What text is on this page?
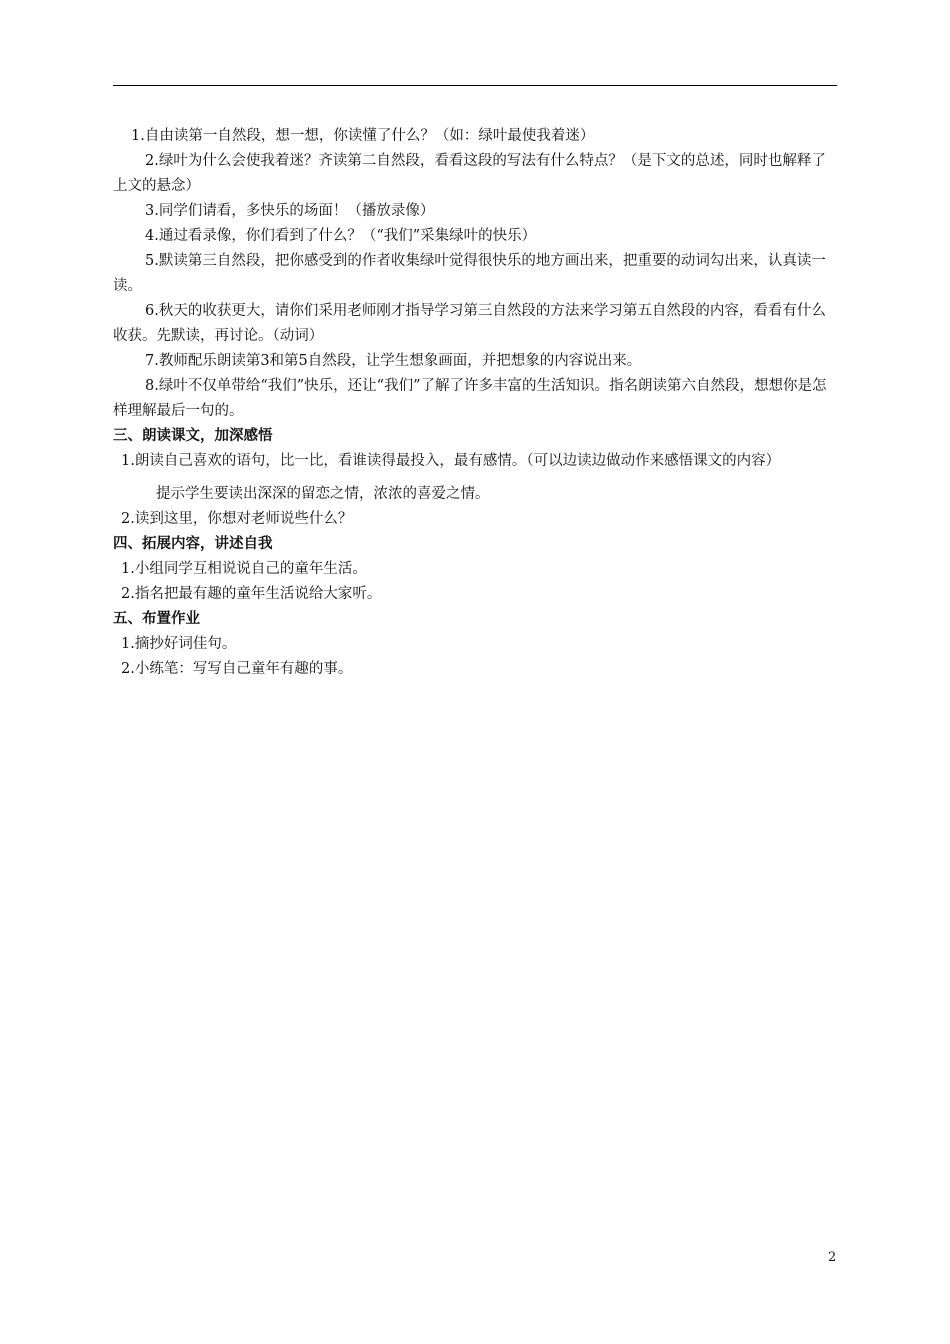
1.自由读第一自然段，想一想，你读懂了什么？（如：绿叶最使我着迷）

2.绿叶为什么会使我着迷？齐读第二自然段，看看这段的写法有什么特点？（是下文的总述，同时也解释了上文的悬念）

3.同学们请看，多快乐的场面！（播放录像）

4.通过看录像，你们看到了什么？（“我们”采集绿叶的快乐）

5.默读第三自然段，把你感受到的作者收集绿叶觉得很快乐的地方画出来，把重要的动词勾出来，认真读一读。

6.秋天的收获更大，请你们采用老师刚才指导学习第三自然段的方法来学习第五自然段的内容，看看有什么收获。先默读，再讨论。（动词）

7.教师配乐朗读第3和第5自然段，让学生想象画面，并把想象的内容说出来。

8.绿叶不仅单带给“我们”快乐，还让“我们”了解了许多丰富的生活知识。指名朗读第六自然段，想想你是怎样理解最后一句的。

三、朗读课文，加深感悟

1.朗读自己喜欢的语句，比一比，看谁读得最投入，最有感情。（可以边读边做动作来感悟课文的内容）

提示学生要读出深深的留恋之情，浓浓的喜爱之情。

2.读到这里，你想对老师说些什么？

四、拓展内容，讲述自我

1.小组同学互相说说自己的童年生活。

2.指名把最有趣的童年生活说给大家听。

五、布置作业

1.摘抄好词佳句。

2.小练笔：写写自己童年有趣的事。

2
